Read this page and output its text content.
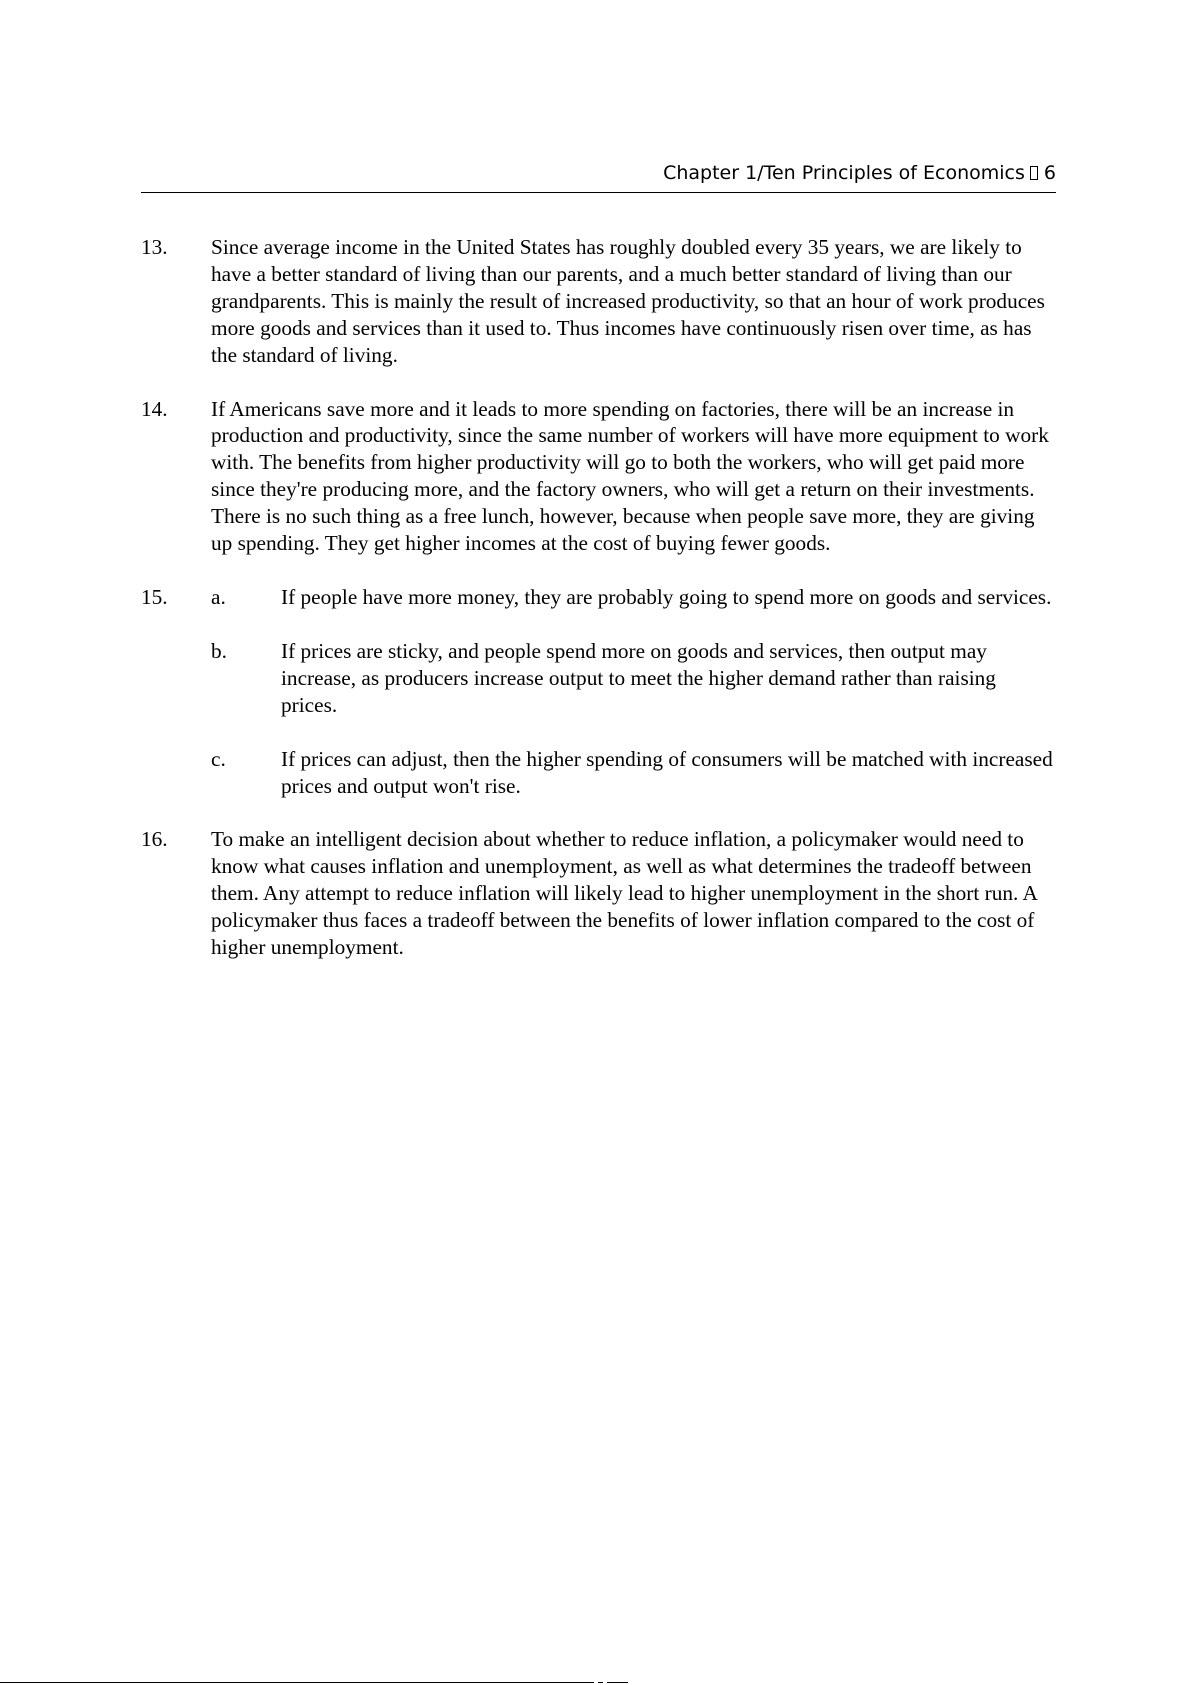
Chapter 1/Ten Principles of Economics 6
13. Since average income in the United States has roughly doubled every 35 years, we are likely to have a better standard of living than our parents, and a much better standard of living than our grandparents. This is mainly the result of increased productivity, so that an hour of work produces more goods and services than it used to. Thus incomes have continuously risen over time, as has the standard of living.
14. If Americans save more and it leads to more spending on factories, there will be an increase in production and productivity, since the same number of workers will have more equipment to work with. The benefits from higher productivity will go to both the workers, who will get paid more since they're producing more, and the factory owners, who will get a return on their investments. There is no such thing as a free lunch, however, because when people save more, they are giving up spending. They get higher incomes at the cost of buying fewer goods.
15. a.	If people have more money, they are probably going to spend more on goods and services.
b.	If prices are sticky, and people spend more on goods and services, then output may increase, as producers increase output to meet the higher demand rather than raising prices.
c.	If prices can adjust, then the higher spending of consumers will be matched with increased prices and output won't rise.
16. To make an intelligent decision about whether to reduce inflation, a policymaker would need to know what causes inflation and unemployment, as well as what determines the tradeoff between them. Any attempt to reduce inflation will likely lead to higher unemployment in the short run. A policymaker thus faces a tradeoff between the benefits of lower inflation compared to the cost of higher unemployment.
